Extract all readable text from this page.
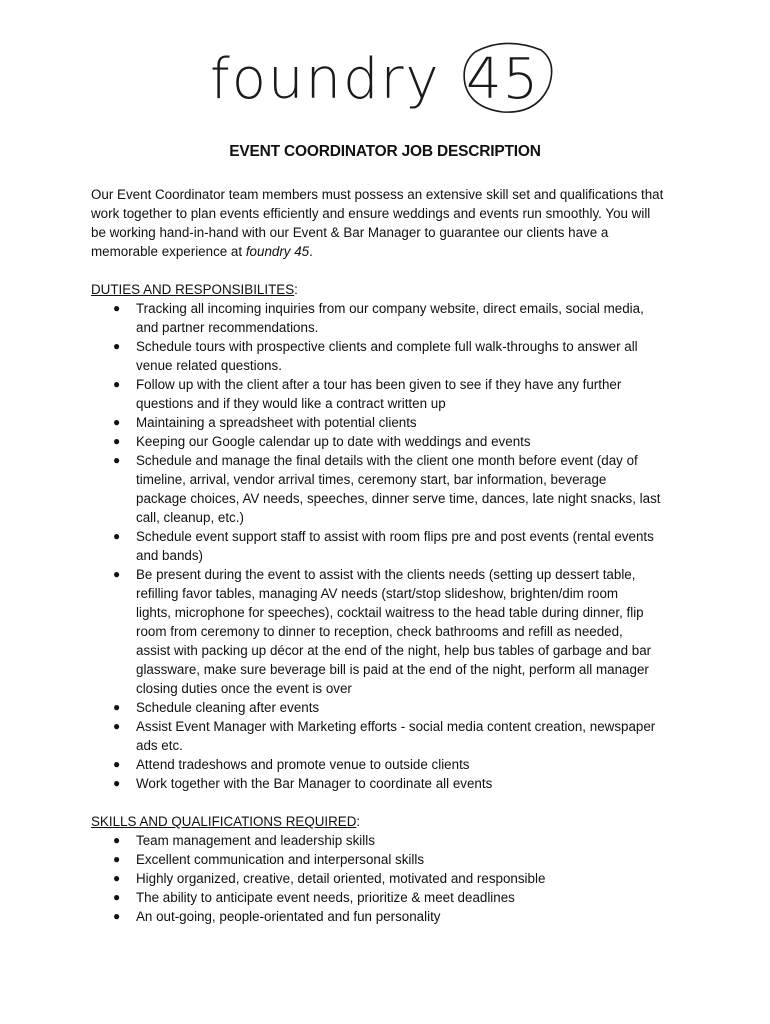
foundry 45
EVENT COORDINATOR JOB DESCRIPTION

Our Event Coordinator team members must possess an extensive skill set and qualifications that

work together to plan events efficiently and ensure weddings and events run smoothly. You will

be working hand-in-hand with our Event & Bar Manager to guarantee our clients have a

memorable experience at foundry 45.

DUTIES AND RESPONSIBILITES:
● Tracking all incoming inquiries from our company website, direct emails, social media,
and partner recommendations.
● Schedule tours with prospective clients and complete full walk-throughs to answer all
venue related questions.
● Follow up with the client after a tour has been given to see if they have any further
questions and if they would like a contract written up
● Maintaining a spreadsheet with potential clients
● Keeping our Google calendar up to date with weddings and events
● Schedule and manage the final details with the client one month before event (day of
timeline, arrival, vendor arrival times, ceremony start, bar information, beverage
package choices, AV needs, speeches, dinner serve time, dances, late night snacks, last
call, cleanup, etc.)
● Schedule event support staff to assist with room flips pre and post events (rental events
and bands)
● Be present during the event to assist with the clients needs (setting up dessert table,
refilling favor tables, managing AV needs (start/stop slideshow, brighten/dim room
lights, microphone for speeches), cocktail waitress to the head table during dinner, flip
room from ceremony to dinner to reception, check bathrooms and refill as needed,
assist with packing up décor at the end of the night, help bus tables of garbage and bar
glassware, make sure beverage bill is paid at the end of the night, perform all manager
closing duties once the event is over
● Schedule cleaning after events
● Assist Event Manager with Marketing efforts - social media content creation, newspaper
ads etc.
● Attend tradeshows and promote venue to outside clients
● Work together with the Bar Manager to coordinate all events
SKILLS AND QUALIFICATIONS REQUIRED:
● Team management and leadership skills
● Excellent communication and interpersonal skills
● Highly organized, creative, detail oriented, motivated and responsible
● The ability to anticipate event needs, prioritize & meet deadlines
● An out-going, people-orientated and fun personality
